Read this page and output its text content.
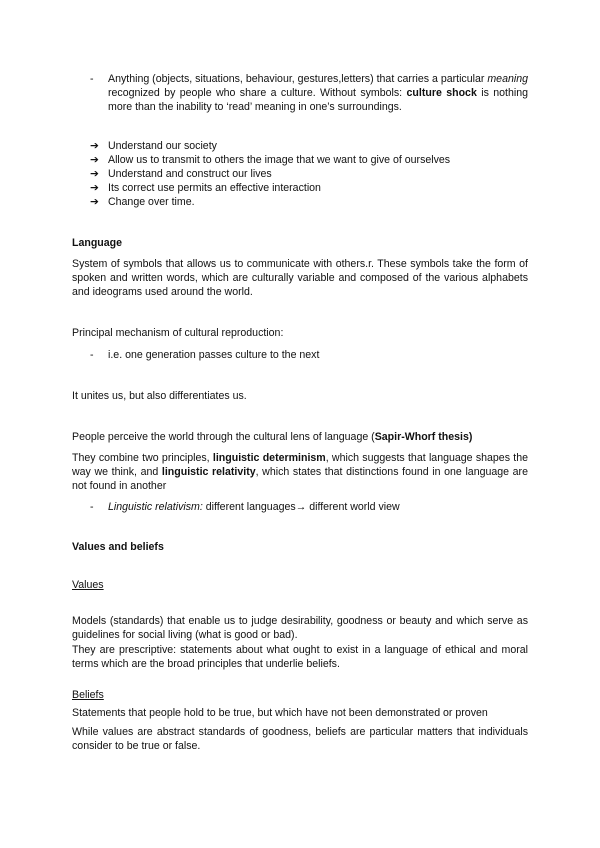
- Anything (objects, situations, behaviour, gestures,letters) that carries a particular meaning recognized by people who share a culture. Without symbols: culture shock is nothing more than the inability to ‘read’ meaning in one’s surroundings.

➔ Understand our society
➔ Allow us to transmit to others the image that we want to give of ourselves
➔ Understand and construct our lives
➔ Its correct use permits an effective interaction
➔ Change over time.
Language

System of symbols that allows us to communicate with others.r. These symbols take the form of spoken and written words, which are culturally variable and composed of the various alphabets and ideograms used around the world.

Principal mechanism of cultural reproduction:

- i.e. one generation passes culture to the next

It unites us, but also differentiates us.

People perceive the world through the cultural lens of language (Sapir-Whorf thesis)

They combine two principles, linguistic determinism, which suggests that language shapes the way we think, and linguistic relativity, which states that distinctions found in one language are not found in another

- Linguistic relativism: different languages→ different world view

Values and beliefs

Values

Models (standards) that enable us to judge desirability, goodness or beauty and which serve as guidelines for social living (what is good or bad).

They are prescriptive: statements about what ought to exist in a language of ethical and moral terms which are the broad principles that underlie beliefs.

Beliefs

Statements that people hold to be true, but which have not been demonstrated or proven

While values are abstract standards of goodness, beliefs are particular matters that individuals consider to be true or false.
